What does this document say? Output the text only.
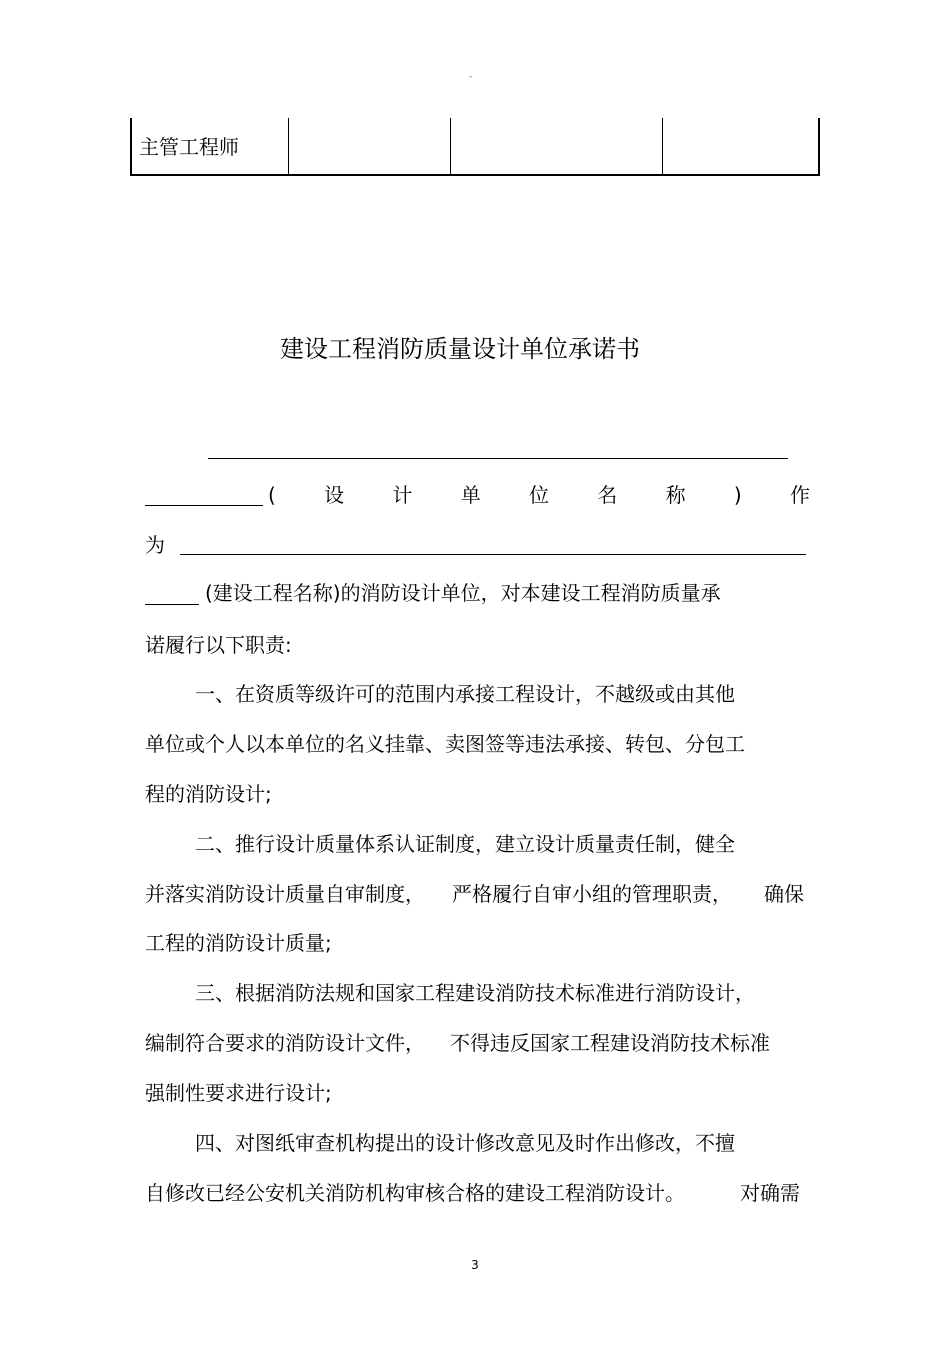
-
主管工程师
建设工程消防质量设计单位承诺书
( 设 计 单 位 名 称 ) 作
为
(建设工程名称)的消防设计单位，对本建设工程消防质量承
诺履行以下职责:
一、在资质等级许可的范围内承接工程设计，不越级或由其他
单位或个人以本单位的名义挂靠、卖图签等违法承接、转包、分包工
程的消防设计;
二、推行设计质量体系认证制度，建立设计质量责任制，健全
并落实消防设计质量自审制度， 严格履行自审小组的管理职责， 确保
工程的消防设计质量;
三、根据消防法规和国家工程建设消防技术标准进行消防设计，
编制符合要求的消防设计文件， 不得违反国家工程建设消防技术标准
强制性要求进行设计;
四、对图纸审查机构提出的设计修改意见及时作出修改，不擅
自修改已经公安机关消防机构审核合格的建设工程消防设计。	对确需
3
